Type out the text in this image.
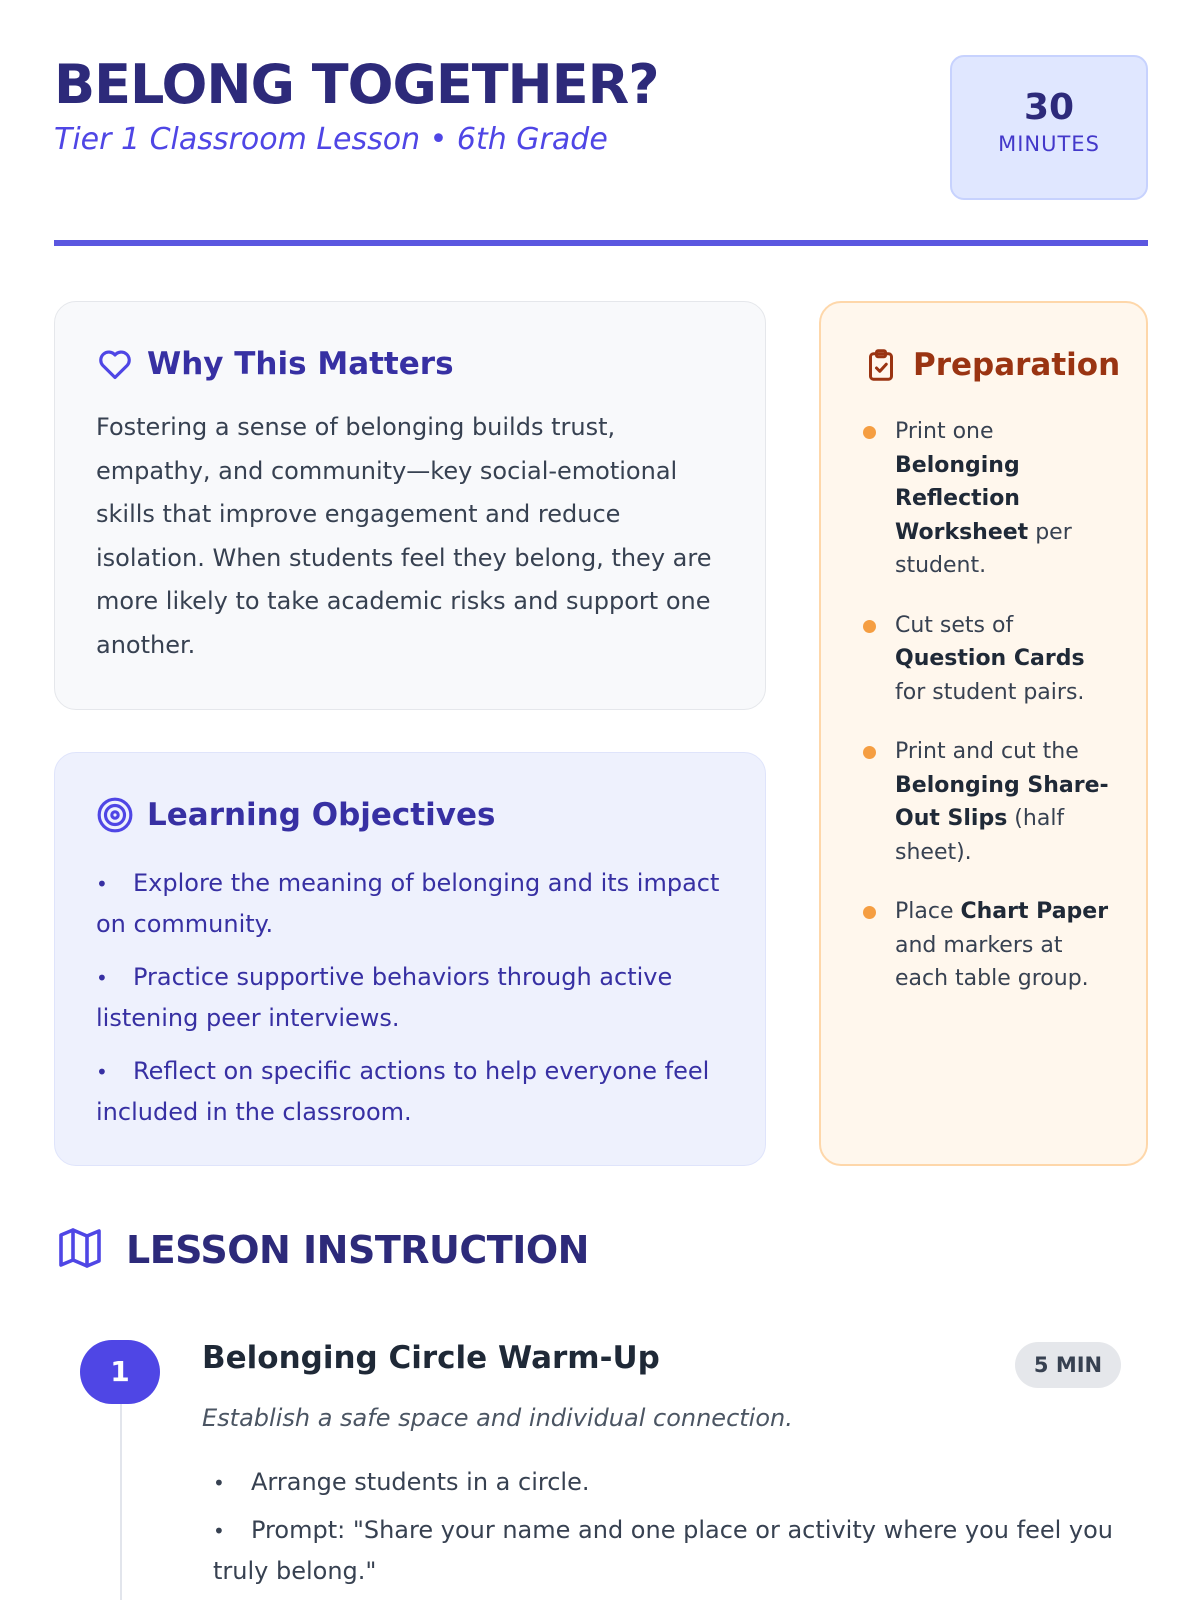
BELONG TOGETHER?
Tier 1 Classroom Lesson • 6th Grade
30
MINUTES
Why This Matters

Fostering a sense of belonging builds trust, empathy, and community—key social-emotional skills that improve engagement and reduce isolation. When students feel they belong, they are more likely to take academic risks and support one another.

Learning Objectives
• Explore the meaning of belonging and its impact on community.
• Practice supportive behaviors through active listening peer interviews.
• Reflect on specific actions to help everyone feel included in the classroom.
Preparation
Print one Belonging Reflection Worksheet per student.
Cut sets of Question Cards for student pairs.
Print and cut the Belonging Share-Out Slips (half sheet).
Place Chart Paper and markers at each table group.
LESSON INSTRUCTION
1	Belonging Circle Warm-Up	5 MIN
Establish a safe space and individual connection.
• Arrange students in a circle.
• Prompt: "Share your name and one place or activity where you feel you truly belong."
